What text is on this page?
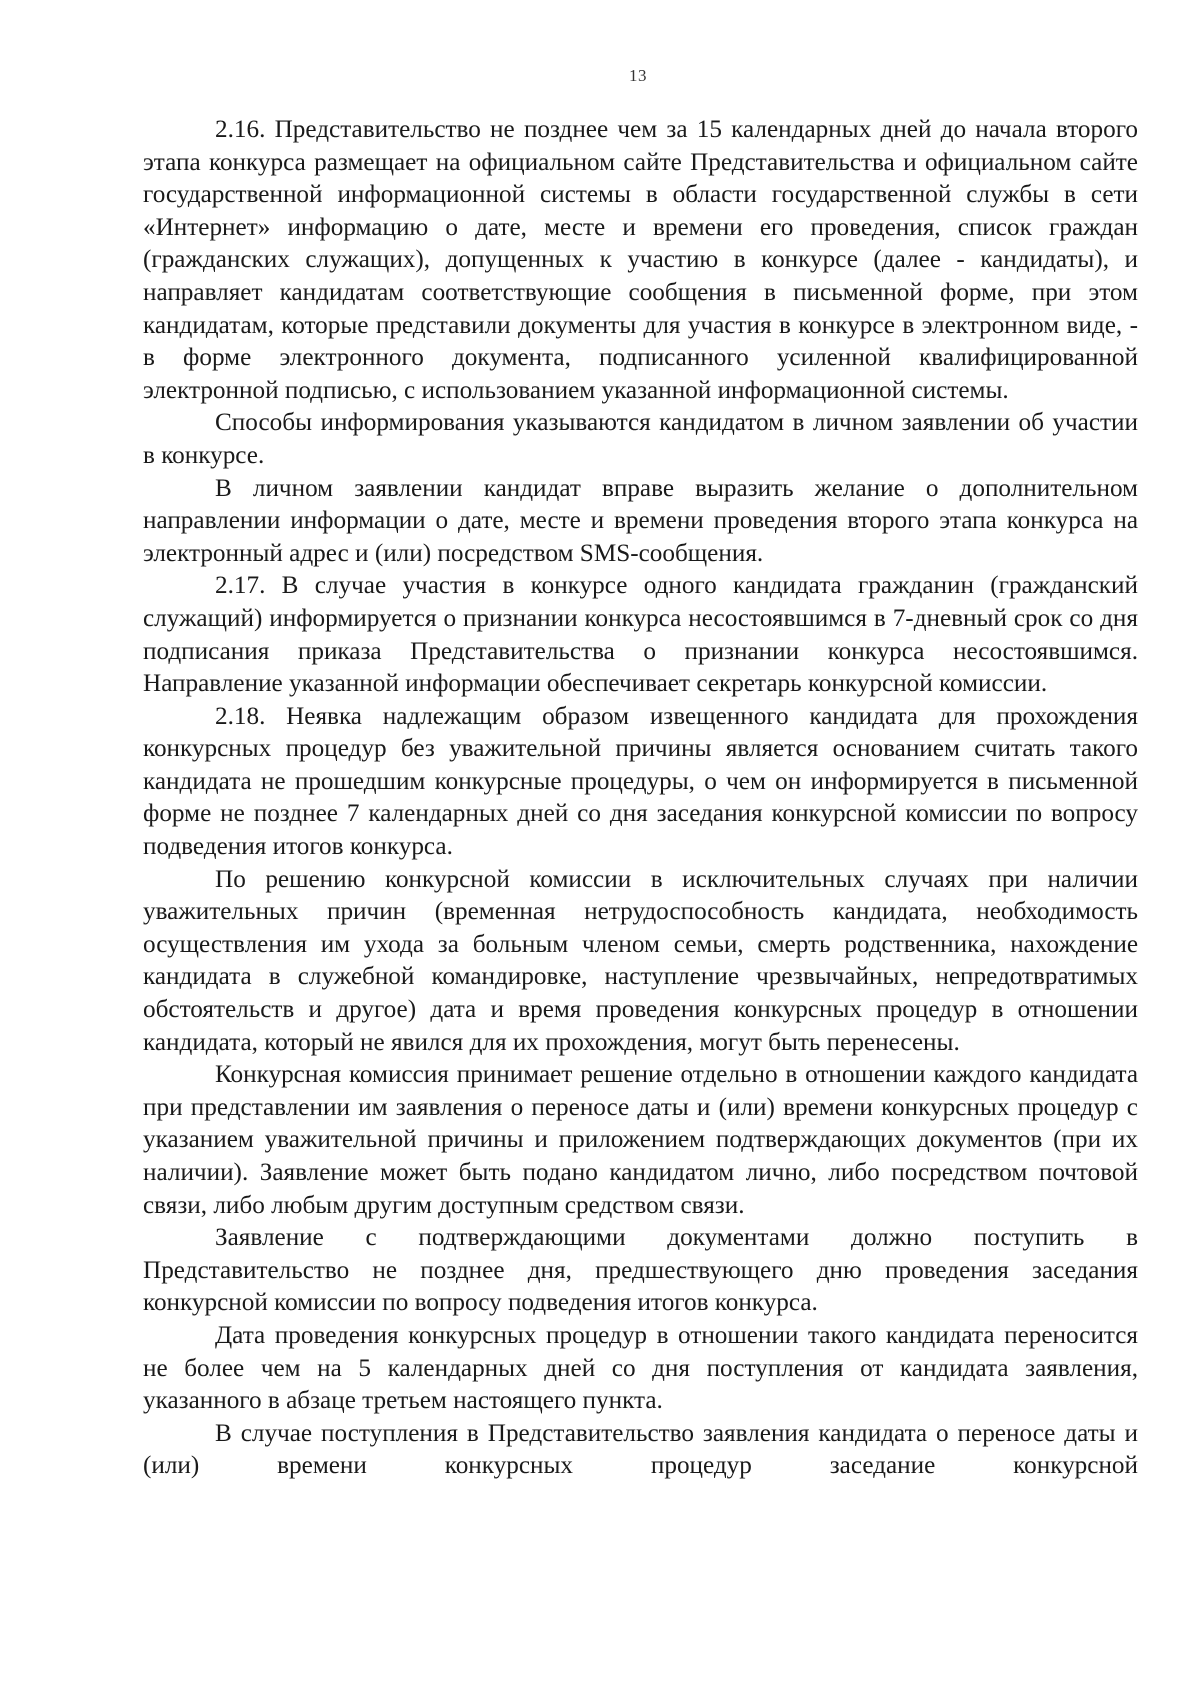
13

2.16. Представительство не позднее чем за 15 календарных дней до начала второго этапа конкурса размещает на официальном сайте Представительства и официальном сайте государственной информационной системы в области государственной службы в сети «Интернет» информацию о дате, месте и времени его проведения, список граждан (гражданских служащих), допущенных к участию в конкурсе (далее - кандидаты), и направляет кандидатам соответствующие сообщения в письменной форме, при этом кандидатам, которые представили документы для участия в конкурсе в электронном виде, - в форме электронного документа, подписанного усиленной квалифицированной электронной подписью, с использованием указанной информационной системы.

Способы информирования указываются кандидатом в личном заявлении об участии в конкурсе.

В личном заявлении кандидат вправе выразить желание о дополнительном направлении информации о дате, месте и времени проведения второго этапа конкурса на электронный адрес и (или) посредством SMS-сообщения.

2.17. В случае участия в конкурсе одного кандидата гражданин (гражданский служащий) информируется о признании конкурса несостоявшимся в 7-дневный срок со дня подписания приказа Представительства о признании конкурса несостоявшимся. Направление указанной информации обеспечивает секретарь конкурсной комиссии.

2.18. Неявка надлежащим образом извещенного кандидата для прохождения конкурсных процедур без уважительной причины является основанием считать такого кандидата не прошедшим конкурсные процедуры, о чем он информируется в письменной форме не позднее 7 календарных дней со дня заседания конкурсной комиссии по вопросу подведения итогов конкурса.

По решению конкурсной комиссии в исключительных случаях при наличии уважительных причин (временная нетрудоспособность кандидата, необходимость осуществления им ухода за больным членом семьи, смерть родственника, нахождение кандидата в служебной командировке, наступление чрезвычайных, непредотвратимых обстоятельств и другое) дата и время проведения конкурсных процедур в отношении кандидата, который не явился для их прохождения, могут быть перенесены.

Конкурсная комиссия принимает решение отдельно в отношении каждого кандидата при представлении им заявления о переносе даты и (или) времени конкурсных процедур с указанием уважительной причины и приложением подтверждающих документов (при их наличии). Заявление может быть подано кандидатом лично, либо посредством почтовой связи, либо любым другим доступным средством связи.

Заявление с подтверждающими документами должно поступить в Представительство не позднее дня, предшествующего дню проведения заседания конкурсной комиссии по вопросу подведения итогов конкурса.

Дата проведения конкурсных процедур в отношении такого кандидата переносится не более чем на 5 календарных дней со дня поступления от кандидата заявления, указанного в абзаце третьем настоящего пункта.

В случае поступления в Представительство заявления кандидата о переносе даты и (или) времени конкурсных процедур заседание конкурсной
